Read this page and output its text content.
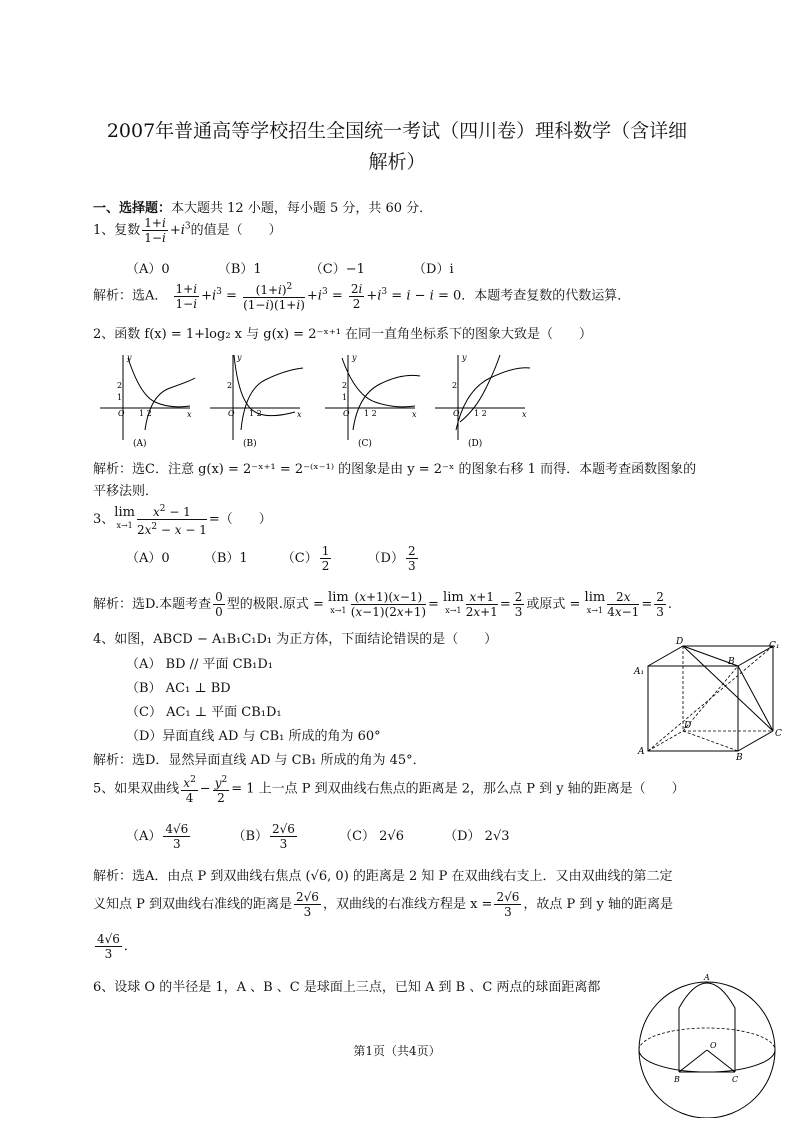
2007年普通高等学校招生全国统一考试（四川卷）理科数学（含详细
解析）
一、选择题：本大题共 12 小题，每小题 5 分，共 60 分．
1、复数 $\frac{1+i}{1-i} +i^3$的值是（　　）
（A）0	（B）1	（C）−1	（D）i
解析：选A． $\frac{1+i}{1-i} +i^3 = \frac{(1+i)^2}{(1-i)(1+i)} +i^3 = \frac{2i}{2} +i^3 = i - i = 0$．本题考查复数的代数运算．
2、函数 f(x) = 1+log₂ x 与 g(x) = 2⁻ˣ⁺¹ 在同一直角坐标系下的图象大致是（　　）
y
x
O
2
1
1 2
(A)
y
x
O
2
1 2
(B)
y
x
O
2
1
1 2
(C)
y
x
O
2
1 2
(D)
解析：选C．注意 g(x) = 2⁻ˣ⁺¹ = 2⁻⁽ˣ⁻¹⁾ 的图象是由 y = 2⁻ˣ 的图象右移 1 而得．本题考查函数图象的
平移法则．
3、lim
$x\to 1 \frac{x^2 - 1}{2x^2 - x - 1}$ =（　　）
（A）0	（B）1	$(C) \frac{1}{2}$	$(D) \frac{2}{3}$
解析：选D.本题考查 $\frac{0}{0}$ 型的极限.原式 = lim
$x\to 1 \frac{(x+1)(x-1)}{(x-1)(2x+1)} = \lim$
$x\to 1 \frac{x+1}{2x+1} = \frac{2}{3}$ 或原式 = lim
$x\to 1 \frac{2x}{4x-1} = \frac{2}{3}$ .
4、如图，ABCD − A₁B₁C₁D₁ 为正方体，下面结论错误的是（　　）
（A） BD // 平面 CB₁D₁
（B） AC₁ ⊥ BD
（C） AC₁ ⊥ 平面 CB₁D₁
（D）异面直线 AD 与 CB₁ 所成的角为 60°
解析：选D．显然异面直线 AD 与 CB₁ 所成的角为 45°．
D	C₁
A₁
B
D
A
C
B
5、如果双曲线 $\frac{x^2}{4} - \frac{y^2}{2} = 1$ 上一点 P 到双曲线右焦点的距离是 2，那么点 P 到 y 轴的距离是（　　）
$(A) \frac{4√6}{3}$	$(B) \frac{2√6}{3}$	（C） 2√6	（D） 2√3
解析：选A．由点 P 到双曲线右焦点 (√6, 0) 的距离是 2 知 P 在双曲线右支上．又由双曲线的第二定
义知点 P 到双曲线右准线的距离是 $\frac{2√6}{3}$ ，双曲线的右准线方程是 $x = \frac{2√6}{3}$ ，故点 P 到 y 轴的距离是
$\frac{4√6}{3}$ ．
6、设球 O 的半径是 1，A 、B 、C 是球面上三点，已知 A 到 B 、C 两点的球面距离都
A
O
B	C
第1页（共4页）
